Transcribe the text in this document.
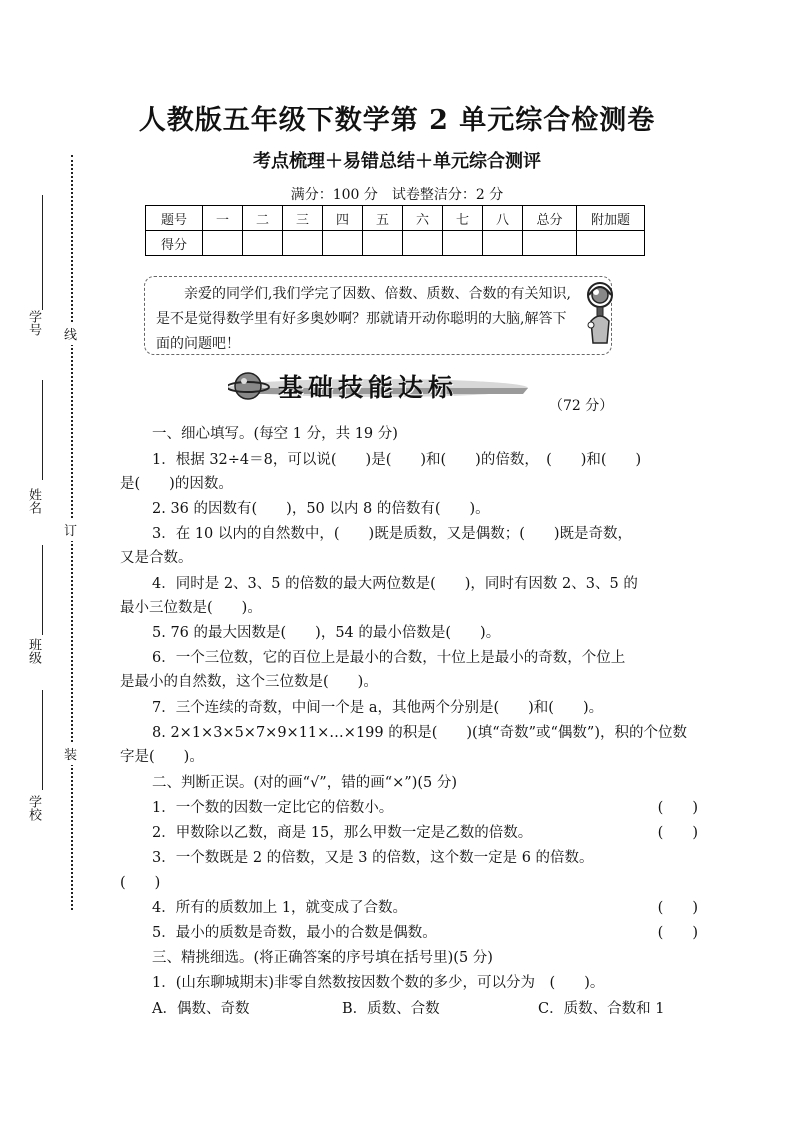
学号
姓名
班级
学校
线
订
装
人教版五年级下数学第 2 单元综合检测卷
考点梳理＋易错总结＋单元综合测评
满分：100 分　试卷整洁分：2 分
题号	一	二	三	四	五	六	七	八	总分	附加题
得分										
亲爱的同学们,我们学完了因数、倍数、质数、合数的有关知识,是不是觉得数学里有好多奥妙啊？那就请开动你聪明的大脑,解答下面的问题吧！
基础技能达标
（72 分）
一、细心填写。(每空 1 分，共 19 分)
1．根据 32÷4＝8，可以说(　　)是(　　)和(　　)的倍数，　(　　)和(　　)
是(　　)的因数。
2. 36 的因数有(　　)，50 以内 8 的倍数有(　　)。
3．在 10 以内的自然数中，(　　)既是质数，又是偶数；(　　)既是奇数，
又是合数。
4．同时是 2、3、5 的倍数的最大两位数是(　　)，同时有因数 2、3、5 的
最小三位数是(　　)。
5. 76 的最大因数是(　　)，54 的最小倍数是(　　)。
6．一个三位数，它的百位上是最小的合数，十位上是最小的奇数，个位上
是最小的自然数，这个三位数是(　　)。
7．三个连续的奇数，中间一个是 a，其他两个分别是(　　)和(　　)。
8. 2×1×3×5×7×9×11×…×199 的积是(　　)(填“奇数”或“偶数”)，积的个位数
字是(　　)。
二、判断正误。(对的画“√”，错的画“×”)(5 分)
1．一个数的因数一定比它的倍数小。	(　　)
2．甲数除以乙数，商是 15，那么甲数一定是乙数的倍数。	(　　)
3．一个数既是 2 的倍数，又是 3 的倍数，这个数一定是 6 的倍数。
(　　)
4．所有的质数加上 1，就变成了合数。	(　　)
5．最小的质数是奇数，最小的合数是偶数。	(　　)
三、精挑细选。(将正确答案的序号填在括号里)(5 分)
1．(山东聊城期末)非零自然数按因数个数的多少，可以分为　(　　)。
A．偶数、奇数	B．质数、合数	C．质数、合数和 1
